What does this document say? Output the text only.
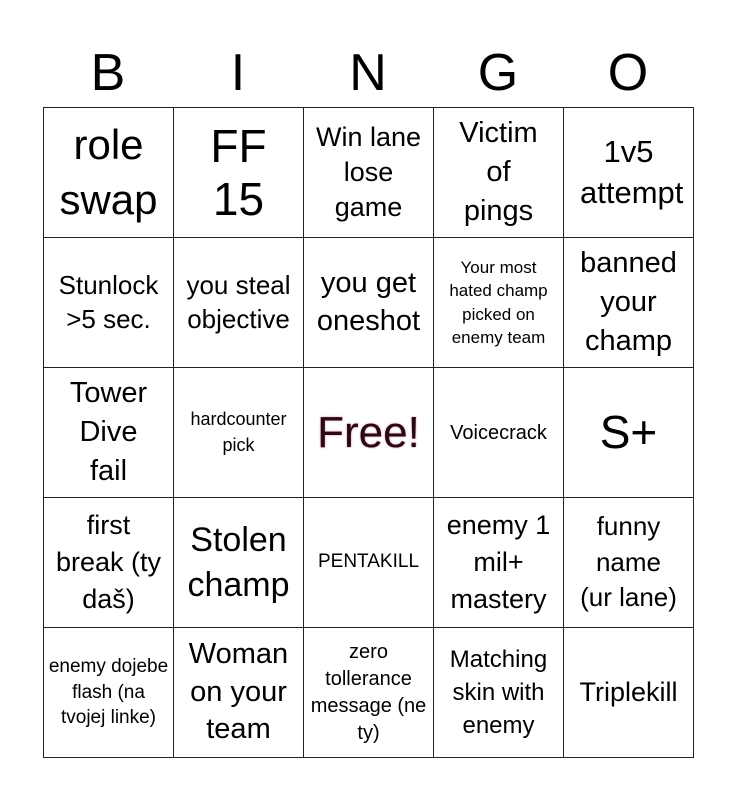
B	I	N	G	O
role swap	FF 15	Win lane lose game	Victim of pings	1v5 attempt

Stunlock >5 sec.	you steal objective	you get oneshot	Your most hated champ picked on enemy team	banned your champ

Tower Dive fail	hardcounter pick	Free!	Voicecrack	S+

first break (ty daš)	Stolen champ	PENTAKILL	enemy 1 mil+ mastery	funny name (ur lane)

enemy dojebe flash (na tvojej linke)	Woman on your team	zero tollerance message (ne ty)	Matching skin with enemy	Triplekill
